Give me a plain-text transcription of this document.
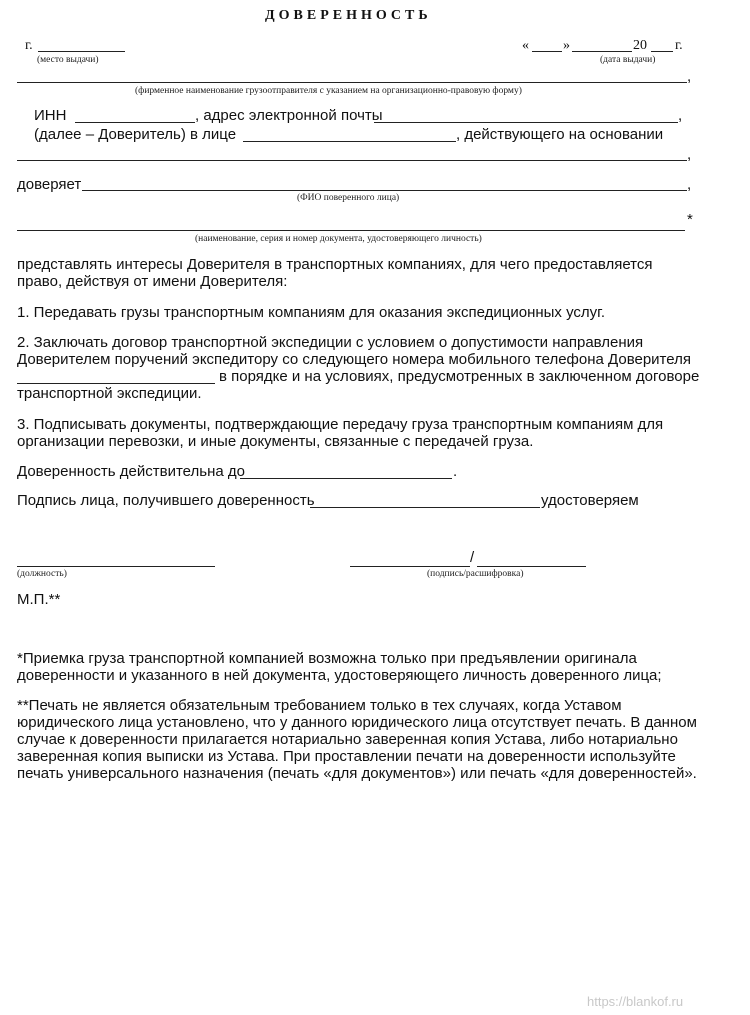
ДОВЕРЕННОСТЬ
г.
(место выдачи)
« »	20 г.
(дата выдачи)
,
(фирменное наименование грузоотправителя с указанием на организационно-правовую форму)
ИНН	, адрес электронной почты	,
(далее – Доверитель) в лице	, действующего на основании
,
доверяет	,
(ФИО поверенного лица)
*
(наименование, серия и номер документа, удостоверяющего личность)
представлять интересы Доверителя в транспортных компаниях, для чего предоставляется право, действуя от имени Доверителя:
1. Передавать грузы транспортным компаниям для оказания экспедиционных услуг.
2. Заключать договор транспортной экспедиции с условием о допустимости направления
Доверителем поручений экспедитору со следующего номера мобильного телефона Доверителя
в порядке и на условиях, предусмотренных в заключенном договоре
транспортной экспедиции.
3. Подписывать документы, подтверждающие передачу груза транспортным компаниям для организации перевозки, и иные документы, связанные с передачей груза.
Доверенность действительна до	.
Подпись лица, получившего доверенность	удостоверяем
(должность)
/
(подпись/расшифровка)
М.П.**
*Приемка груза транспортной компанией возможна только при предъявлении оригинала доверенности и указанного в ней документа, удостоверяющего личность доверенного лица;
**Печать не является обязательным требованием только в тех случаях, когда Уставом юридического лица установлено, что у данного юридического лица отсутствует печать. В данном случае к доверенности прилагается нотариально заверенная копия Устава, либо нотариально заверенная копия выписки из Устава. При проставлении печати на доверенности используйте печать универсального назначения (печать «для документов») или печать «для доверенностей».
https://blankof.ru
